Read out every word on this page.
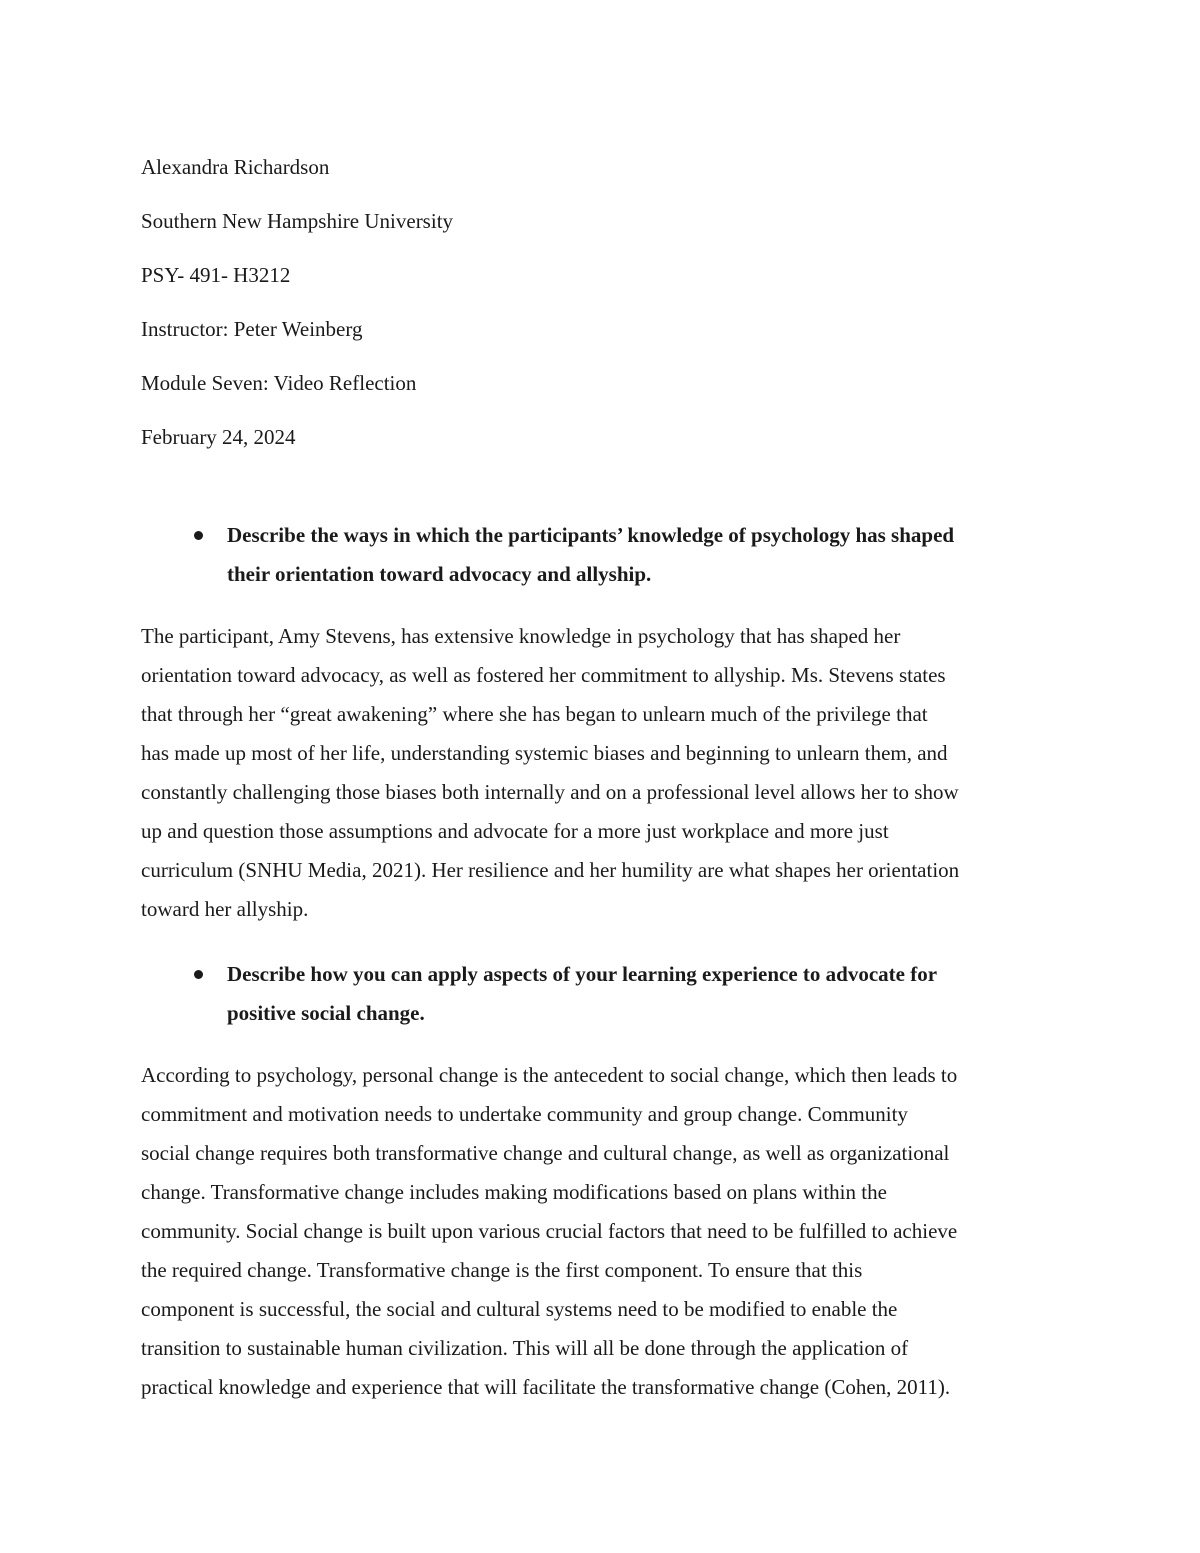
Alexandra Richardson
Southern New Hampshire University
PSY- 491- H3212
Instructor: Peter Weinberg
Module Seven: Video Reflection
February 24, 2024
Describe the ways in which the participants’ knowledge of psychology has shaped
their orientation toward advocacy and allyship.
The participant, Amy Stevens, has extensive knowledge in psychology that has shaped her
orientation toward advocacy, as well as fostered her commitment to allyship. Ms. Stevens states
that through her “great awakening” where she has began to unlearn much of the privilege that
has made up most of her life, understanding systemic biases and beginning to unlearn them, and
constantly challenging those biases both internally and on a professional level allows her to show
up and question those assumptions and advocate for a more just workplace and more just
curriculum (SNHU Media, 2021). Her resilience and her humility are what shapes her orientation
toward her allyship.
Describe how you can apply aspects of your learning experience to advocate for
positive social change.
According to psychology, personal change is the antecedent to social change, which then leads to
commitment and motivation needs to undertake community and group change. Community
social change requires both transformative change and cultural change, as well as organizational
change. Transformative change includes making modifications based on plans within the
community. Social change is built upon various crucial factors that need to be fulfilled to achieve
the required change. Transformative change is the first component. To ensure that this
component is successful, the social and cultural systems need to be modified to enable the
transition to sustainable human civilization. This will all be done through the application of
practical knowledge and experience that will facilitate the transformative change (Cohen, 2011).
